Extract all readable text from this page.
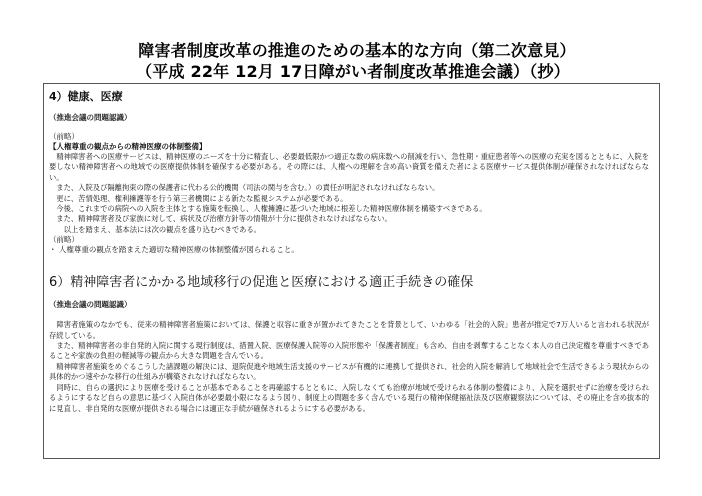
障害者制度改革の推進のための基本的な方向（第二次意見）
（平成 22年 12月 17日障がい者制度改革推進会議）（抄）
4）健康、医療
（推進会議の問題認識）
（前略）
【人権尊重の観点からの精神医療の体制整備】
　精神障害者への医療サービスは、精神医療のニーズを十分に精査し、必要最低限かつ適正な数の病床数への削減を行い、急性期・重症患者等への医療の充実を図るとともに、入院を要しない精神障害者への地域での医療提供体制を確保する必要がある。その際には、人権への理解を含め高い資質を備えた者による医療サービス提供体制が確保されなければならない。
　また、入院及び隔離拘束の際の保護者に代わる公的機関（司法の関与を含む。）の責任が明記されなければならない。
　更に、苦情処理、権利擁護等を行う第三者機関による新たな監視システムが必要である。
　今後、これまでの病院への入院を主体とする施策を転換し、人権擁護に基づいた地域に根差した精神医療体制を構築すべきである。
　また、精神障害者及び家族に対して、病状及び治療方針等の情報が十分に提供されなければならない。
　　以上を踏まえ、基本法には次の観点を盛り込むべきである。
（前略）
・ 人権尊重の観点を踏まえた適切な精神医療の体制整備が図られること。
6）精神障害者にかかる地域移行の促進と医療における適正手続きの確保
（推進会議の問題認識）
　障害者施策のなかでも、従来の精神障害者施策においては、保護と収容に重きが置かれてきたことを背景として、いわゆる「社会的入院」患者が推定で7万人いると言われる状況が存続している。
　また、精神障害者の非自発的入院に関する現行制度は、措置入院、医療保護入院等の入院形態や「保護者制度」も含め、自由を剥奪することなく本人の自己決定権を尊重すべきであることや家族の負担の軽減等の観点から大きな問題を含んでいる。
　精神障害者施策をめぐるこうした諸課題の解決には、退院促進や地域生活支援のサービスが有機的に連携して提供され、社会的入院を解消して地域社会で生活できるよう現状からの具体的かつ速やかな移行の仕組みが構築されなければならない。
　同時に、自らの選択により医療を受けることが基本であることを再確認するとともに、入院しなくても治療が地域で受けられる体制の整備により、入院を選択せずに治療を受けられるようにするなど自らの意思に基づく入院自体が必要最小限になるよう図り、制度上の問題を多く含んでいる現行の精神保健福祉法及び医療観察法については、その廃止を含め抜本的に見直し、非自発的な医療が提供される場合には適正な手続が確保されるようにする必要がある。
